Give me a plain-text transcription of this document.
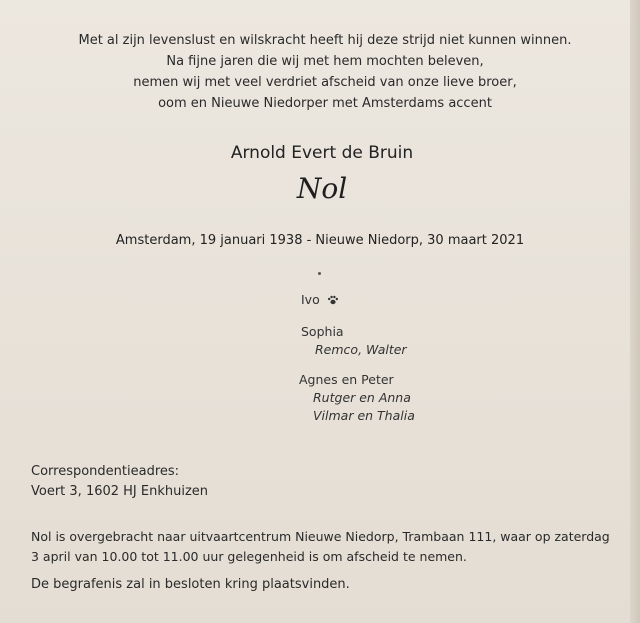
Met al zijn levenslust en wilskracht heeft hij deze strijd niet kunnen winnen.
Na fijne jaren die wij met hem mochten beleven,
nemen wij met veel verdriet afscheid van onze lieve broer,
oom en Nieuwe Niedorper met Amsterdams accent
Arnold Evert de Bruin
Nol
Amsterdam, 19 januari 1938 - Nieuwe Niedorp, 30 maart 2021
Ivo
Sophia
Remco, Walter
Agnes en Peter
Rutger en Anna
Vilmar en Thalia
Correspondentieadres:
Voert 3, 1602 HJ Enkhuizen
Nol is overgebracht naar uitvaartcentrum Nieuwe Niedorp, Trambaan 111, waar op zaterdag
3 april van 10.00 tot 11.00 uur gelegenheid is om afscheid te nemen.
De begrafenis zal in besloten kring plaatsvinden.
